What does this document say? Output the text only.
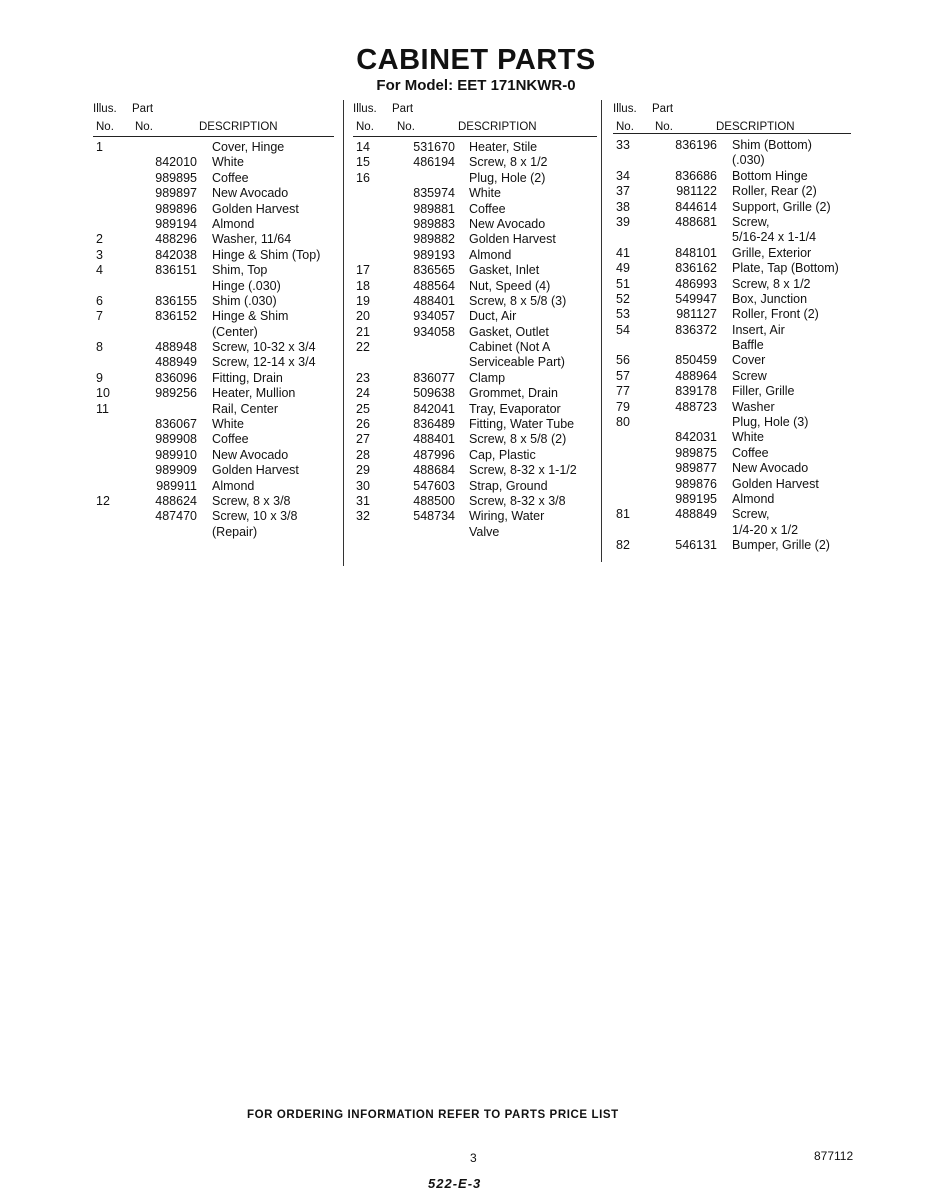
CABINET PARTS
For Model: EET 171NKWR-0
Illus. Part
No. No.	DESCRIPTION
1	Cover, Hinge
842010 White
989895 Coffee
989897 New Avocado
989896 Golden Harvest
989194 Almond
2	488296 Washer, 11/64
3	842038 Hinge & Shim (Top)
4	836151 Shim, Top
Hinge (.030)
6	836155 Shim (.030)
7	836152 Hinge & Shim
(Center)
8	488948 Screw, 10-32 x 3/4
488949 Screw, 12-14 x 3/4
9	836096 Fitting, Drain
10	989256 Heater, Mullion
11	Rail, Center
836067 White
989908 Coffee
989910 New Avocado
989909 Golden Harvest
989911 Almond
12	488624 Screw, 8 x 3/8
487470 Screw, 10 x 3/8
(Repair)
Illus. Part
No. No.	DESCRIPTION
14	531670 Heater, Stile
15	486194 Screw, 8 x 1/2
16	Plug, Hole (2)
835974 White
989881 Coffee
989883 New Avocado
989882 Golden Harvest
989193 Almond
17	836565 Gasket, Inlet
18	488564 Nut, Speed (4)
19	488401 Screw, 8 x 5/8 (3)
20	934057 Duct, Air
21	934058 Gasket, Outlet
22	Cabinet (Not A
Serviceable Part)
23	836077 Clamp
24	509638 Grommet, Drain
25	842041 Tray, Evaporator
26	836489 Fitting, Water Tube
27	488401 Screw, 8 x 5/8 (2)
28	487996 Cap, Plastic
29	488684 Screw, 8-32 x 1-1/2
30	547603 Strap, Ground
31	488500 Screw, 8-32 x 3/8
32	548734 Wiring, Water
Valve
Illus. Part
No. No.	DESCRIPTION
33	836196 Shim (Bottom)
(.030)
34	836686 Bottom Hinge
37	981122 Roller, Rear (2)
38	844614 Support, Grille (2)
39	488681 Screw,
5/16-24 x 1-1/4
41	848101 Grille, Exterior
49	836162 Plate, Tap (Bottom)
51	486993 Screw, 8 x 1/2
52	549947 Box, Junction
53	981127 Roller, Front (2)
54	836372 Insert, Air
Baffle
56	850459 Cover
57	488964 Screw
77	839178 Filler, Grille
79	488723 Washer
80	Plug, Hole (3)
842031 White
989875 Coffee
989877 New Avocado
989876 Golden Harvest
989195 Almond
81	488849 Screw,
1/4-20 x 1/2
82	546131 Bumper, Grille (2)
FOR ORDERING INFORMATION REFER TO PARTS PRICE LIST
3	877112
522-E-3
